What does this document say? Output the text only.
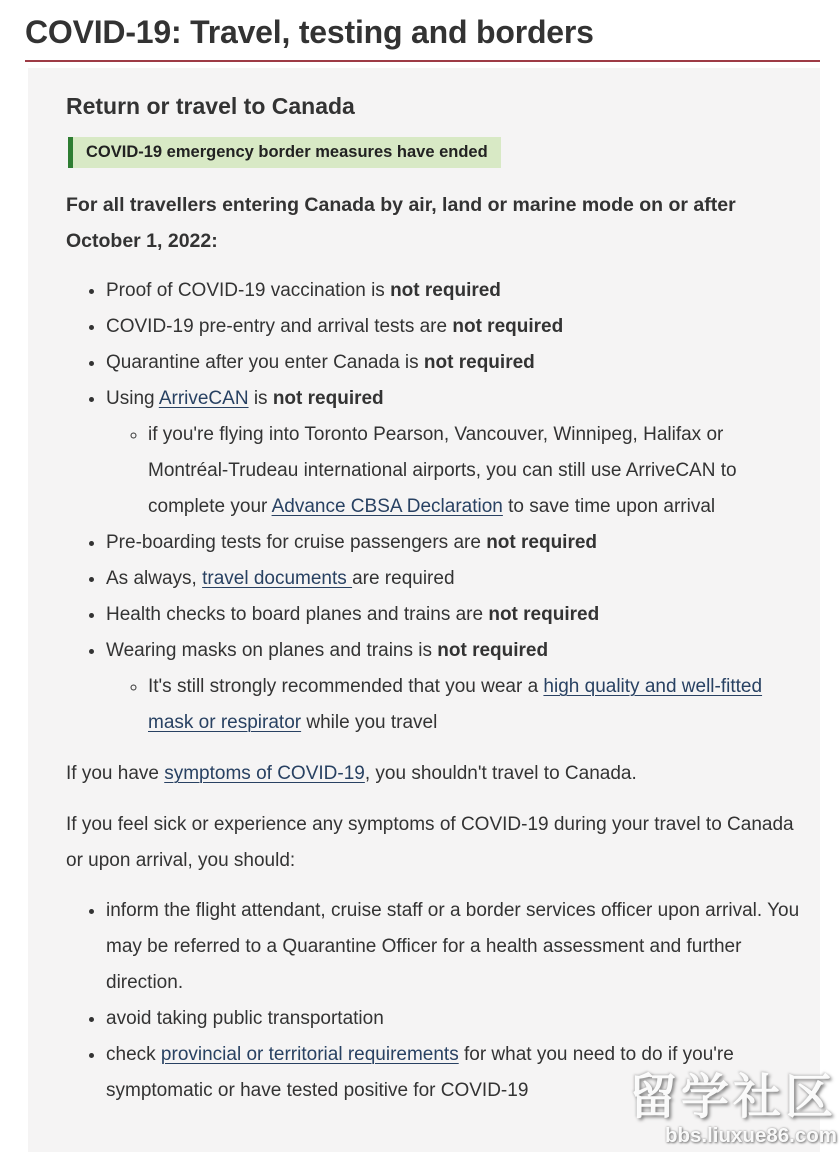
COVID-19: Travel, testing and borders
Return or travel to Canada
COVID-19 emergency border measures have ended

For all travellers entering Canada by air, land or marine mode on or after October 1, 2022:

• Proof of COVID-19 vaccination is not required
• COVID-19 pre-entry and arrival tests are not required
• Quarantine after you enter Canada is not required
• Using ArriveCAN is not required
◦ if you're flying into Toronto Pearson, Vancouver, Winnipeg, Halifax or Montréal-Trudeau international airports, you can still use ArriveCAN to complete your Advance CBSA Declaration to save time upon arrival
• Pre-boarding tests for cruise passengers are not required
• As always, travel documents are required
• Health checks to board planes and trains are not required
• Wearing masks on planes and trains is not required
◦ It's still strongly recommended that you wear a high quality and well-fitted mask or respirator while you travel

If you have symptoms of COVID-19, you shouldn't travel to Canada.

If you feel sick or experience any symptoms of COVID-19 during your travel to Canada or upon arrival, you should:

• inform the flight attendant, cruise staff or a border services officer upon arrival. You may be referred to a Quarantine Officer for a health assessment and further direction.
• avoid taking public transportation
• check provincial or territorial requirements for what you need to do if you're symptomatic or have tested positive for COVID-19	留学社区
bbs.liuxue86.com
